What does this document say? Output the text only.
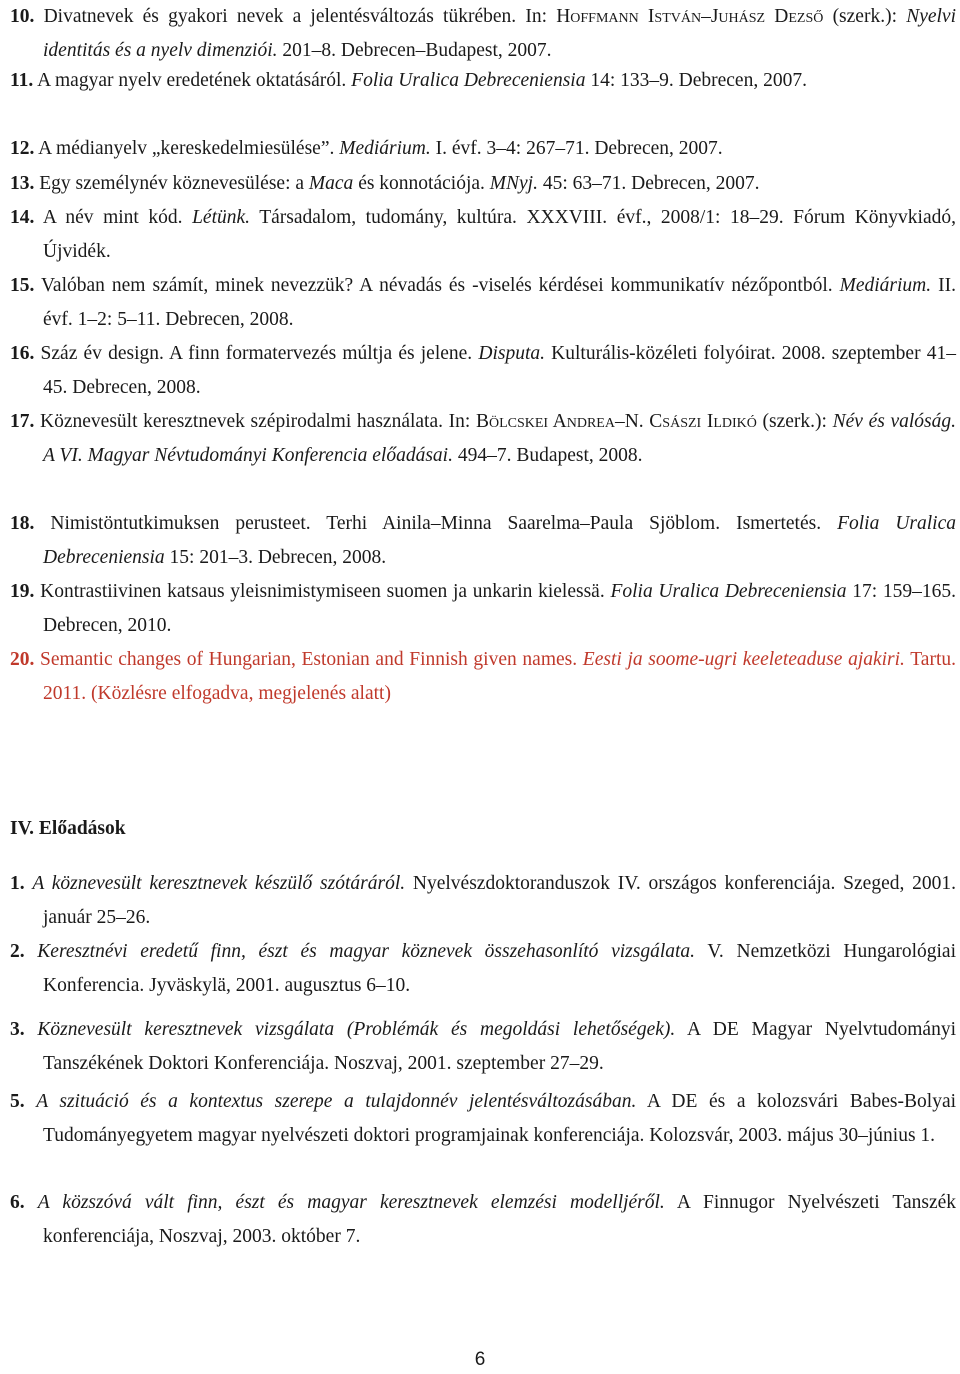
10. Divatnevek és gyakori nevek a jelentésváltozás tükrében. In: Hoffmann István–Juhász Dezső (szerk.): Nyelvi identitás és a nyelv dimenziói. 201–8. Debrecen–Budapest, 2007.
11. A magyar nyelv eredetének oktatásáról. Folia Uralica Debreceniensia 14: 133–9. Debrecen, 2007.
12. A médianyelv „kereskedelmiesülése”. Mediárium. I. évf. 3–4: 267–71. Debrecen, 2007.
13. Egy személynév köznevesülése: a Maca és konnotációja. MNyj. 45: 63–71. Debrecen, 2007.
14. A név mint kód. Létünk. Társadalom, tudomány, kultúra. XXXVIII. évf., 2008/1: 18–29. Fórum Könyvkiadó, Újvidék.
15. Valóban nem számít, minek nevezzük? A névadás és -viselés kérdései kommunikatív nézőpontból. Mediárium. II. évf. 1–2: 5–11. Debrecen, 2008.
16. Száz év design. A finn formatervezés múltja és jelene. Disputa. Kulturális-közéleti folyóirat. 2008. szeptember 41–45. Debrecen, 2008.
17. Köznevesült keresztnevek szépirodalmi használata. In: Bölcskei Andrea–N. Császi Ildikó (szerk.): Név és valóság. A VI. Magyar Névtudományi Konferencia előadásai. 494–7. Budapest, 2008.
18. Nimistöntutkimuksen perusteet. Terhi Ainila–Minna Saarelma–Paula Sjöblom. Ismertetés. Folia Uralica Debreceniensia 15: 201–3. Debrecen, 2008.
19. Kontrastiivinen katsaus yleisnimistymiseen suomen ja unkarin kielessä. Folia Uralica Debreceniensia 17: 159–165. Debrecen, 2010.
20. Semantic changes of Hungarian, Estonian and Finnish given names. Eesti ja soome-ugri keeleteaduse ajakiri. Tartu. 2011. (Közlésre elfogadva, megjelenés alatt)
IV. Előadások
1. A köznevesült keresztnevek készülő szótáráról. Nyelvészdoktoranduszok IV. országos konferenciája. Szeged, 2001. január 25–26.
2. Keresztnévi eredetű finn, észt és magyar köznevek összehasonlító vizsgálata. V. Nemzetközi Hungarológiai Konferencia. Jyväskylä, 2001. augusztus 6–10.
3. Köznevesült keresztnevek vizsgálata (Problémák és megoldási lehetőségek). A DE Magyar Nyelvtudományi Tanszékének Doktori Konferenciája. Noszvaj, 2001. szeptember 27–29.
5. A szituáció és a kontextus szerepe a tulajdonnév jelentésváltozásában. A DE és a kolozsvári Babes-Bolyai Tudományegyetem magyar nyelvészeti doktori programjainak konferenciája. Kolozsvár, 2003. május 30–június 1.
6. A közszóvá vált finn, észt és magyar keresztnevek elemzési modelljéről. A Finnugor Nyelvészeti Tanszék konferenciája, Noszvaj, 2003. október 7.
6
